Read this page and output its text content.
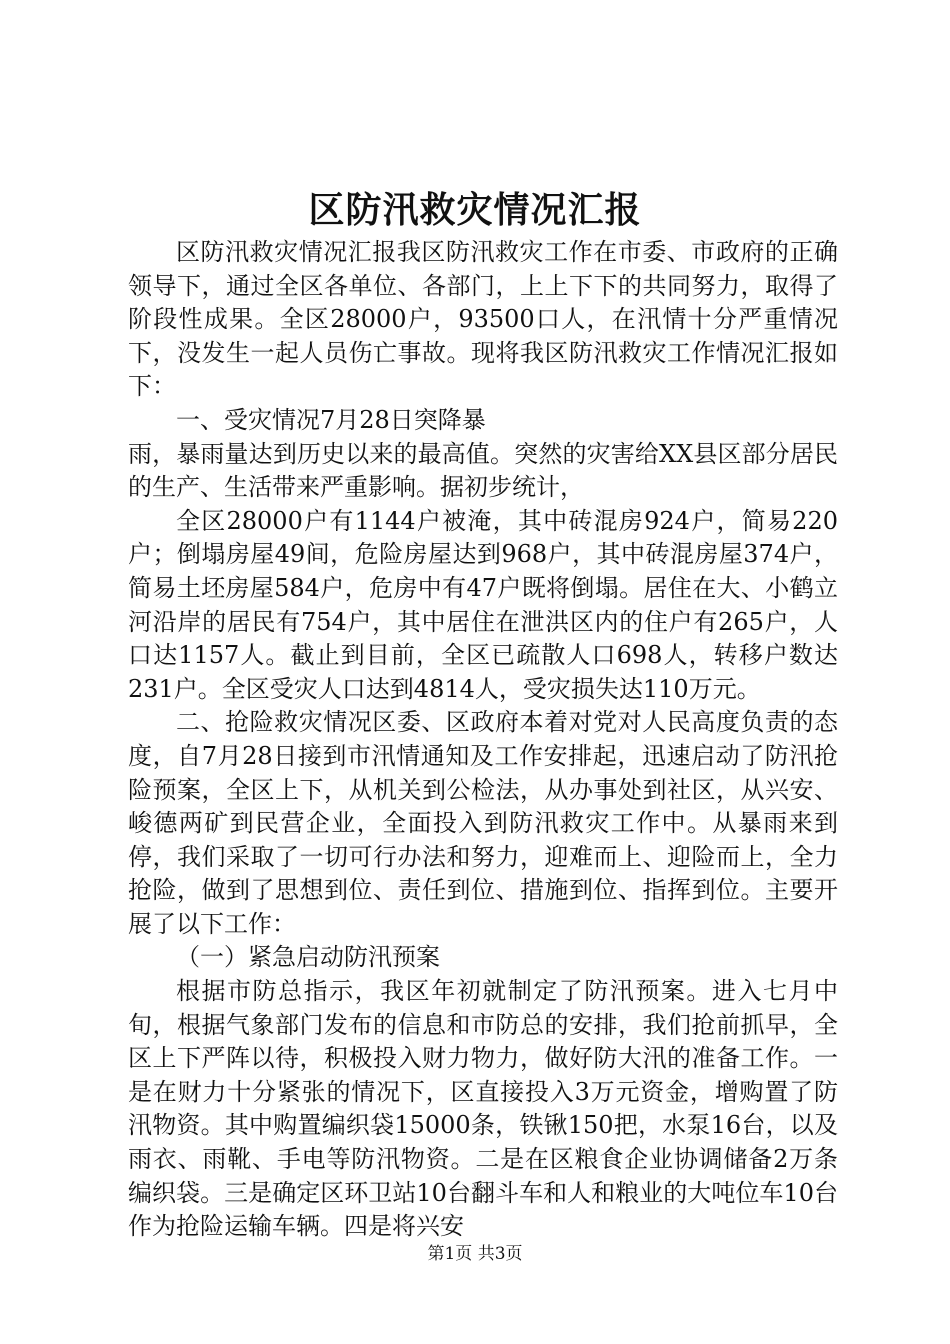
区防汛救灾情况汇报

区防汛救灾情况汇报我区防汛救灾工作在市委、市政府的正确领导下，通过全区各单位、各部门，上上下下的共同努力，取得了阶段性成果。全区28000户，93500口人，在汛情十分严重情况下，没发生一起人员伤亡事故。现将我区防汛救灾工作情况汇报如下：

一、受灾情况7月28日突降暴

雨，暴雨量达到历史以来的最高值。突然的灾害给XX县区部分居民的生产、生活带来严重影响。据初步统计，

全区28000户有1144户被淹，其中砖混房924户，简易220户；倒塌房屋49间，危险房屋达到968户，其中砖混房屋374户，简易土坯房屋584户，危房中有47户既将倒塌。居住在大、小鹤立河沿岸的居民有754户，其中居住在泄洪区内的住户有265户，人口达1157人。截止到目前，全区已疏散人口698人，转移户数达231户。全区受灾人口达到4814人，受灾损失达110万元。

二、抢险救灾情况区委、区政府本着对党对人民高度负责的态度，自7月28日接到市汛情通知及工作安排起，迅速启动了防汛抢险预案，全区上下，从机关到公检法，从办事处到社区，从兴安、峻德两矿到民营企业，全面投入到防汛救灾工作中。从暴雨来到停，我们采取了一切可行办法和努力，迎难而上、迎险而上，全力抢险，做到了思想到位、责任到位、措施到位、指挥到位。主要开展了以下工作：

（一）紧急启动防汛预案

根据市防总指示，我区年初就制定了防汛预案。进入七月中旬，根据气象部门发布的信息和市防总的安排，我们抢前抓早，全区上下严阵以待，积极投入财力物力，做好防大汛的准备工作。一是在财力十分紧张的情况下，区直接投入3万元资金，增购置了防汛物资。其中购置编织袋15000条，铁锹150把，水泵16台，以及雨衣、雨靴、手电等防汛物资。二是在区粮食企业协调储备2万条编织袋。三是确定区环卫站10台翻斗车和人和粮业的大吨位车10台作为抢险运输车辆。四是将兴安

第1页 共3页
